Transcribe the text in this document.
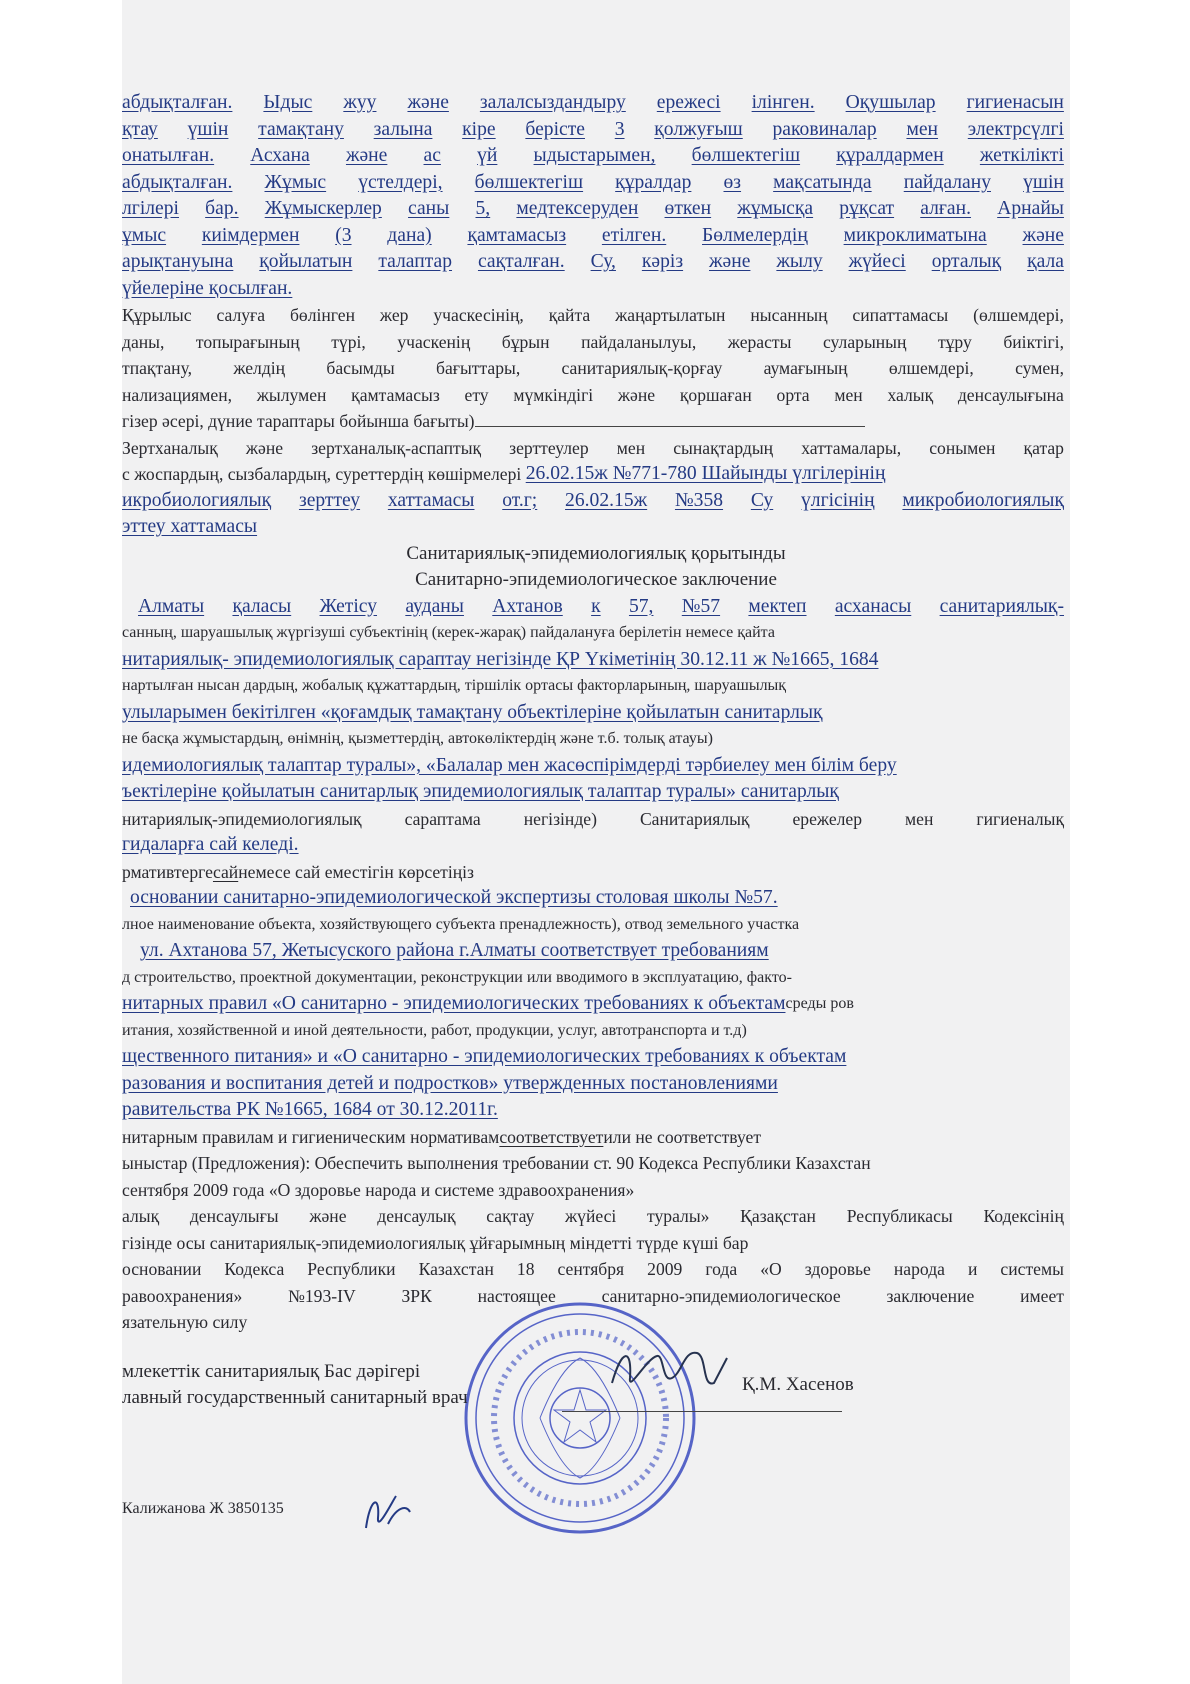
абдықталған. Ыдыс жуу және залалсыздандыру ережесі ілінген. Оқушылар гигиенасын
қтау үшін тамақтану залына кіре берісте 3 қолжуғыш раковиналар мен электрсүлгі
онатылған. Асхана және ас үй ыдыстарымен, бөлшектегіш құралдармен жеткілікті
абдықталған. Жұмыс үстелдері, бөлшектегіш құралдар өз мақсатында пайдалану үшін
лгілері бар. Жұмыскерлер саны 5, медтексеруден өткен жұмысқа рұқсат алған. Арнайы
ұмыс киімдермен (3 дана) қамтамасыз етілген. Бөлмелердің микроклиматына және
арықтануына қойылатын талаптар сақталған. Су, кәріз және жылу жүйесі орталық қала
үйелеріне қосылған.
Құрылыс салуға бөлінген жер учаскесінің, қайта жаңартылатын нысанның сипаттамасы (өлшемдері,
даны, топырағының түрі, учаскенің бұрын пайдаланылуы, жерасты суларының тұру биіктігі,
тпақтану, желдің басымды бағыттары, санитариялық-қорғау аумағының өлшемдері, сумен,
нализациямен, жылумен қамтамасыз ету мүмкіндігі және қоршаған орта мен халық денсаулығына
гізер әсері, дүние тараптары бойынша бағыты)
Зертханалық және зертханалық-аспаптық зерттеулер мен сынақтардың хаттамалары, сонымен қатар
с жоспардың, сызбалардың, суреттердің көшірмелері
26.02.15ж №771-780 Шайынды үлгілерінің
икробиологиялық зерттеу хаттамасы от.г; 26.02.15ж №358 Су үлгісінің микробиологиялық
эттеу хаттамасы
Санитариялық-эпидемиологиялық қорытынды
Санитарно-эпидемиологическое заключение
Алматы қаласы Жетісу ауданы Ахтанов к 57, №57 мектеп асханасы санитариялық-
санның, шаруашылық жүргізуші субъектінің (керек-жарақ) пайдалануға берілетін немесе қайта
нитариялық- эпидемиологиялық сараптау негізінде ҚР Үкіметінің 30.12.11 ж №1665, 1684
нартылған нысан дардың, жобалық құжаттардың, тіршілік ортасы факторларының, шаруашылық
улыларымен бекітілген «қоғамдық тамақтану объектілеріне қойылатын санитарлық
не басқа жұмыстардың, өнімнің, қызметтердің, автокөліктердің және т.б. толық атауы)
идемиологиялық талаптар туралы», «Балалар мен жасөспірімдерді тәрбиелеу мен білім беру
ъектілеріне қойылатын санитарлық эпидемиологиялық талаптар туралы» санитарлық
нитариялық-эпидемиологиялық сараптама негізінде) Санитариялық ережелер мен гигиеналық
гидаларға сай келеді.
рмативтерге сай немесе сай еместігін көрсетіңіз
основании санитарно-эпидемиологической экспертизы столовая школы №57.
лное наименование объекта, хозяйствующего субъекта пренадлежность), отвод земельного участка
ул. Ахтанова 57, Жетысуского района г.Алматы соответствует требованиям
д строительство, проектной документации, реконструкции или вводимого в эксплуатацию, факто-
нитарных правил «О санитарно - эпидемиологических требованиях к объектам среды ров
итания, хозяйственной и иной деятельности, работ, продукции, услуг, автотранспорта и т.д)
щественного питания» и «О санитарно - эпидемиологических требованиях к объектам
разования и воспитания детей и подростков» утвержденных постановлениями
равительства РК №1665, 1684 от 30.12.2011г.
нитарным правилам и гигиеническим нормативам соответствует или не соответствует
ыныстар (Предложения): Обеспечить выполнения требовании ст. 90 Кодекса Республики Казахстан
сентября 2009 года «О здоровье народа и системе здравоохранения»
алық денсаулығы және денсаулық сақтау жүйесі туралы» Қазақстан Республикасы Кодексінің
гізінде осы санитариялық-эпидемиологиялық ұйғарымның міндетті түрде күші бар
основании Кодекса Республики Казахстан 18 сентября 2009 года «О здоровье народа и системы
равоохранения»	№193-IV	ЗРК	настоящее	санитарно-эпидемиологическое	заключение	имеет
язательную силу
млекеттік санитариялық Бас дәрігері
лавный государственный санитарный врач
Қ.М. Хасенов
Калижанова Ж 3850135
